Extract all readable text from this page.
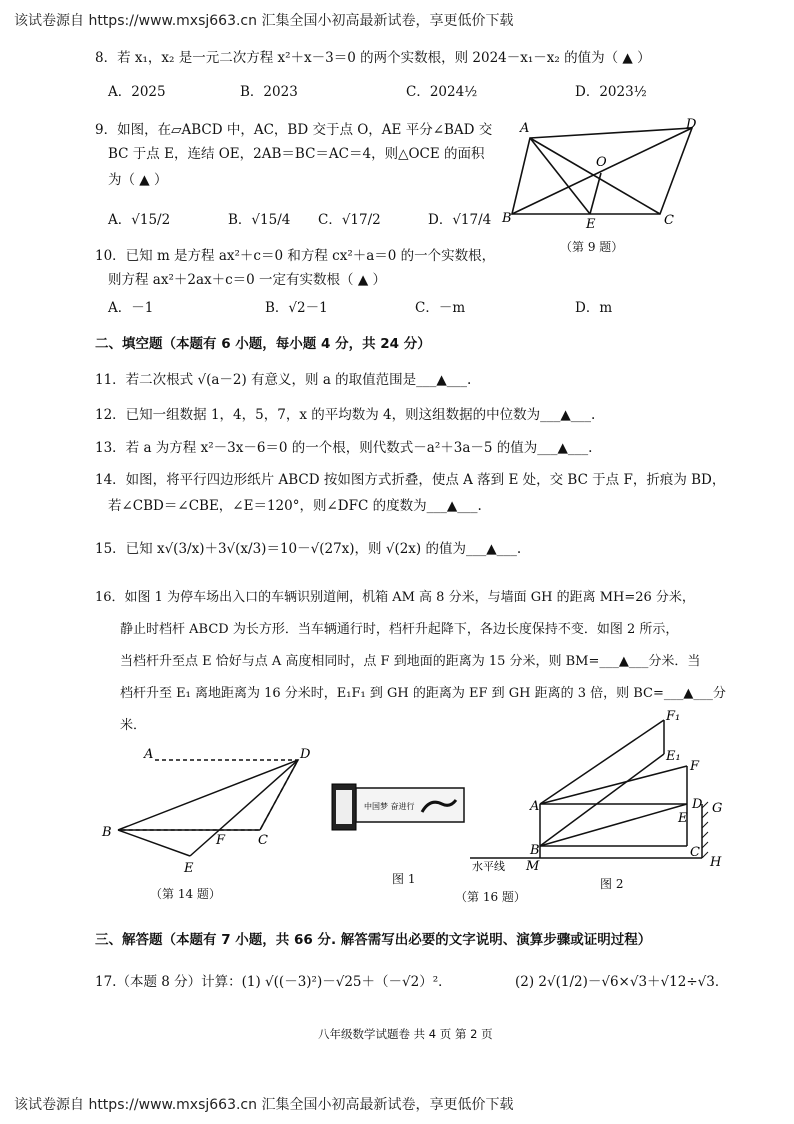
该试卷源自 https://www.mxsj663.cn 汇集全国小初高最新试卷，享更低价下载
8．若 x₁，x₂ 是一元二次方程 x²＋x－3＝0 的两个实数根，则 2024－x₁－x₂ 的值为（ ▲ ）
A．2025	B．2023	C．2024½	D．2023½
9．如图，在▱ABCD 中，AC，BD 交于点 O，AE 平分∠BAD 交
BC 于点 E，连结 OE，2AB＝BC＝AC＝4，则△OCE 的面积
为（ ▲ ）
A．√15/2	B．√15/4 C．√17/2	D．√17/4
A	D
O
B	E	C
（第 9 题）
10．已知 m 是方程 ax²＋c＝0 和方程 cx²＋a＝0 的一个实数根，
则方程 ax²＋2ax＋c＝0 一定有实数根（ ▲ ）
A．－1	B．√2－1	C．－m	D．m
二、填空题（本题有 6 小题，每小题 4 分，共 24 分）
11．若二次根式 √(a－2) 有意义，则 a 的取值范围是___▲___.
12．已知一组数据 1，4，5，7，x 的平均数为 4，则这组数据的中位数为___▲___.
13．若 a 为方程 x²－3x－6＝0 的一个根，则代数式－a²＋3a－5 的值为___▲___.
14．如图，将平行四边形纸片 ABCD 按如图方式折叠，使点 A 落到 E 处，交 BC 于点 F，折痕为 BD，
若∠CBD＝∠CBE，∠E＝120°，则∠DFC 的度数为___▲___.
15．已知 x√(3/x)＋3√(x/3)＝10－√(27x)，则 √(2x) 的值为___▲___.
16．如图 1 为停车场出入口的车辆识别道闸，机箱 AM 高 8 分米，与墙面 GH 的距离 MH=26 分米，
静止时档杆 ABCD 为长方形．当车辆通行时，档杆升起降下，各边长度保持不变．如图 2 所示，
当档杆升至点 E 恰好与点 A 高度相同时，点 F 到地面的距离为 15 分米，则 BM=___▲___分米．当
档杆升至 E₁ 离地距离为 16 分米时，E₁F₁ 到 GH 的距离为 EF 到 GH 距离的 3 倍，则 BC=___▲___分
米．
A	D
B
F	C
E
（第 14 题）
中国梦 奋进行
图 1
（第 16 题）
F₁
E₁
F
A	D G
E
B	C
M	H
水平线
图 2
三、解答题（本题有 7 小题，共 66 分. 解答需写出必要的文字说明、演算步骤或证明过程）
17.（本题 8 分）计算：(1) √((－3)²)－√25＋（－√2）²．	(2) 2√(1/2)－√6×√3＋√12÷√3．
八年级数学试题卷 共 4 页 第 2 页
该试卷源自 https://www.mxsj663.cn 汇集全国小初高最新试卷，享更低价下载
